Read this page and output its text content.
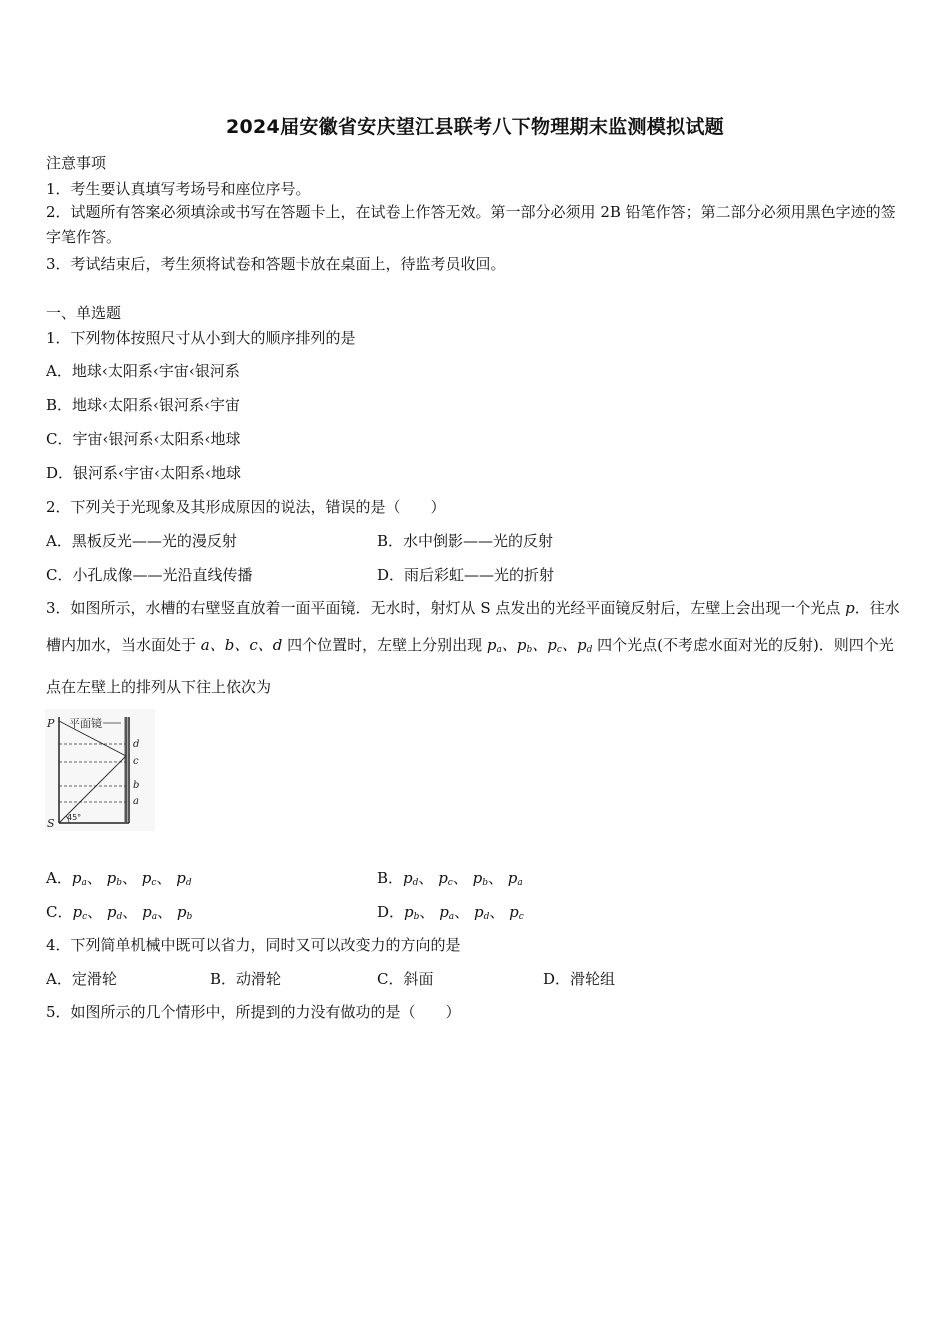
2024届安徽省安庆望江县联考八下物理期末监测模拟试题
注意事项
1．考生要认真填写考场号和座位序号。
2．试题所有答案必须填涂或书写在答题卡上，在试卷上作答无效。第一部分必须用 2B 铅笔作答；第二部分必须用黑色字迹的签字笔作答。
3．考试结束后，考生须将试卷和答题卡放在桌面上，待监考员收回。
一、单选题
1．下列物体按照尺寸从小到大的顺序排列的是
A．地球‹太阳系‹宇宙‹银河系
B．地球‹太阳系‹银河系‹宇宙
C．宇宙‹银河系‹太阳系‹地球
D．银河系‹宇宙‹太阳系‹地球
2．下列关于光现象及其形成原因的说法，错误的是（　　）
A．黑板反光——光的漫反射	B．水中倒影——光的反射
C．小孔成像——光沿直线传播	D．雨后彩虹——光的折射
3．如图所示，水槽的右壁竖直放着一面平面镜．无水时，射灯从 S 点发出的光经平面镜反射后，左壁上会出现一个光点 p．往水槽内加水，当水面处于 a、b、c、d 四个位置时，左壁上分别出现 $p_a$、$p_b$、$p_c$、$p_d$ 四个光点(不考虑水面对光的反射)．则四个光点在左壁上的排列从下往上依次为
P
S
平面镜
d
c
b
a
45°
A．$p_a$、 $p_b$、 $p_c$、 $p_d$	B．$p_d$、 $p_c$、 $p_b$、 $p_a$
C．$p_c$、 $p_d$、 $p_a$、 $p_b$	D．$p_b$、 $p_a$、 $p_d$、 $p_c$
4．下列简单机械中既可以省力，同时又可以改变力的方向的是
A．定滑轮	B．动滑轮	C．斜面	D．滑轮组
5．如图所示的几个情形中，所提到的力没有做功的是（　　）
